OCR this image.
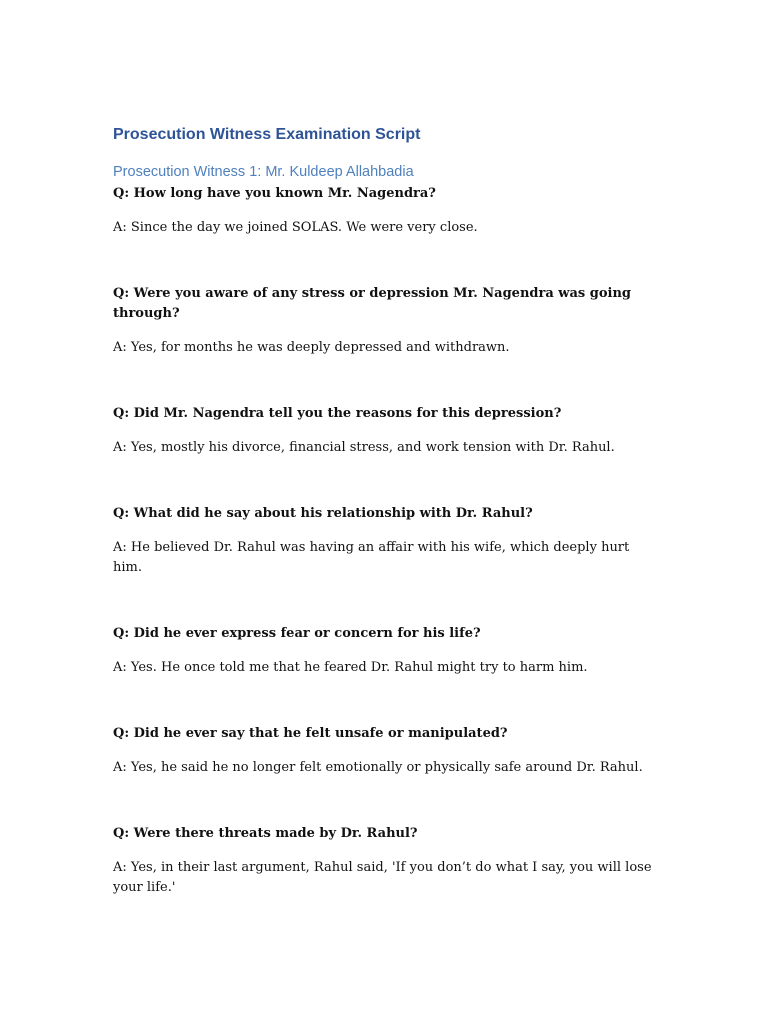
Prosecution Witness Examination Script
Prosecution Witness 1: Mr. Kuldeep Allahbadia

Q: How long have you known Mr. Nagendra?

A: Since the day we joined SOLAS. We were very close.

Q: Were you aware of any stress or depression Mr. Nagendra was going through?

A: Yes, for months he was deeply depressed and withdrawn.

Q: Did Mr. Nagendra tell you the reasons for this depression?

A: Yes, mostly his divorce, financial stress, and work tension with Dr. Rahul.

Q: What did he say about his relationship with Dr. Rahul?

A: He believed Dr. Rahul was having an affair with his wife, which deeply hurt him.

Q: Did he ever express fear or concern for his life?

A: Yes. He once told me that he feared Dr. Rahul might try to harm him.

Q: Did he ever say that he felt unsafe or manipulated?

A: Yes, he said he no longer felt emotionally or physically safe around Dr. Rahul.

Q: Were there threats made by Dr. Rahul?

A: Yes, in their last argument, Rahul said, 'If you don’t do what I say, you will lose your life.'
